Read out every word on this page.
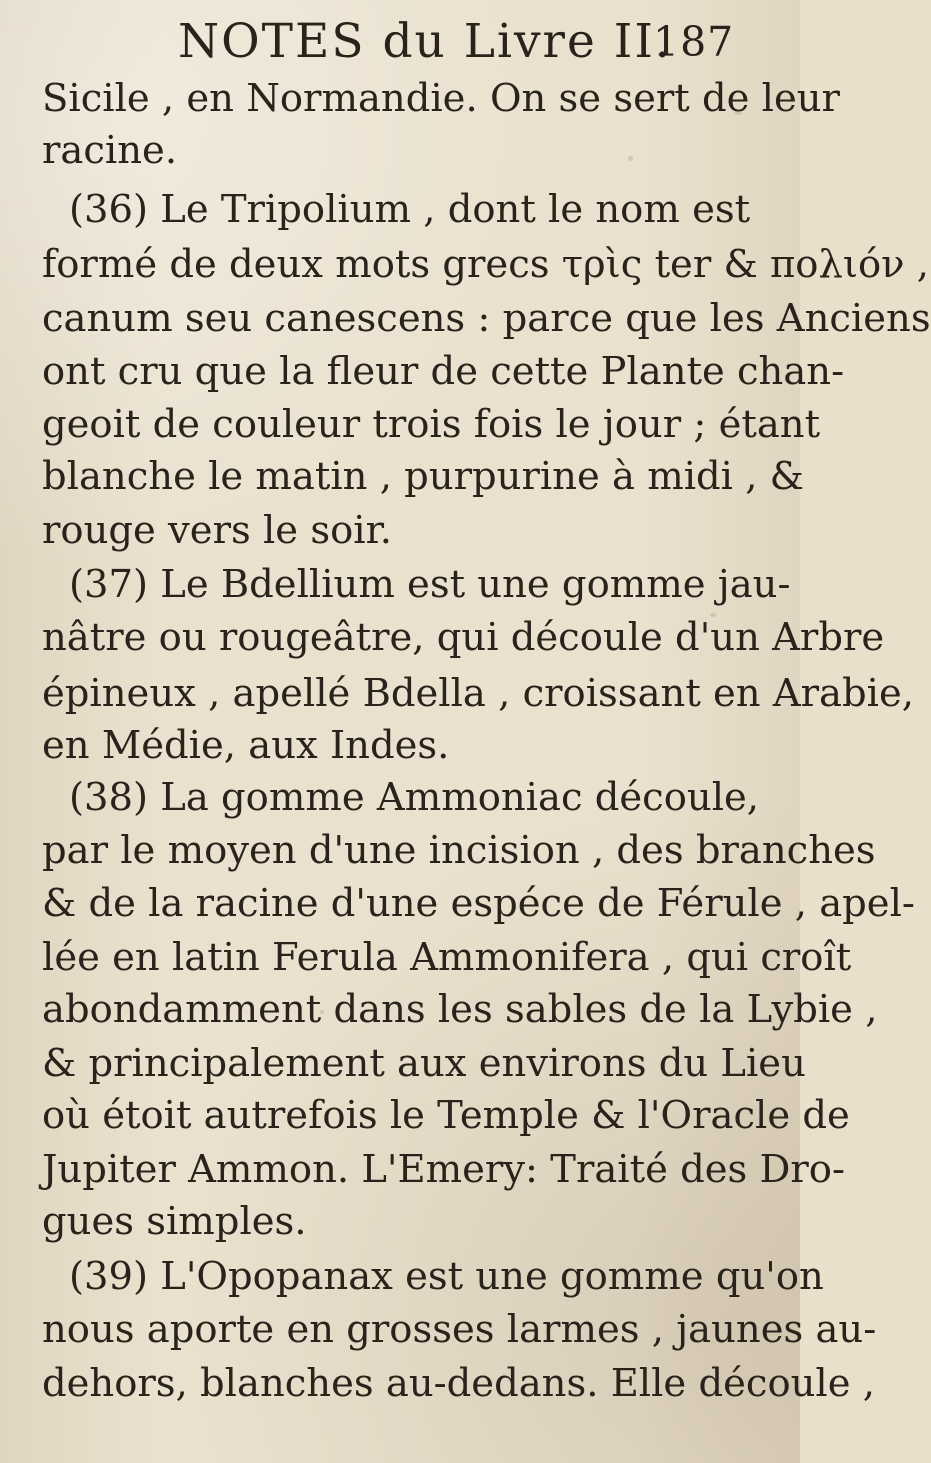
NOTES du Livre II.
187
Sicile , en Normandie. On se sert de leur
racine.
(36) Le Tripolium , dont le nom est
formé de deux mots grecs τρὶς ter & πολιόν ,
canum seu canescens : parce que les Anciens
ont cru que la fleur de cette Plante chan-
geoit de couleur trois fois le jour ; étant
blanche le matin , purpurine à midi , &
rouge vers le soir.
(37) Le Bdellium est une gomme jau-
nâtre ou rougeâtre, qui découle d'un Arbre
épineux , apellé Bdella , croissant en Arabie,
en Médie, aux Indes.
(38) La gomme Ammoniac découle,
par le moyen d'une incision , des branches
& de la racine d'une espéce de Férule , apel-
lée en latin Ferula Ammonifera , qui croît
abondamment dans les sables de la Lybie ,
& principalement aux environs du Lieu
où étoit autrefois le Temple & l'Oracle de
Jupiter Ammon. L'Emery: Traité des Dro-
gues simples.
(39) L'Opopanax est une gomme qu'on
nous aporte en grosses larmes , jaunes au-
dehors, blanches au-dedans. Elle découle ,
